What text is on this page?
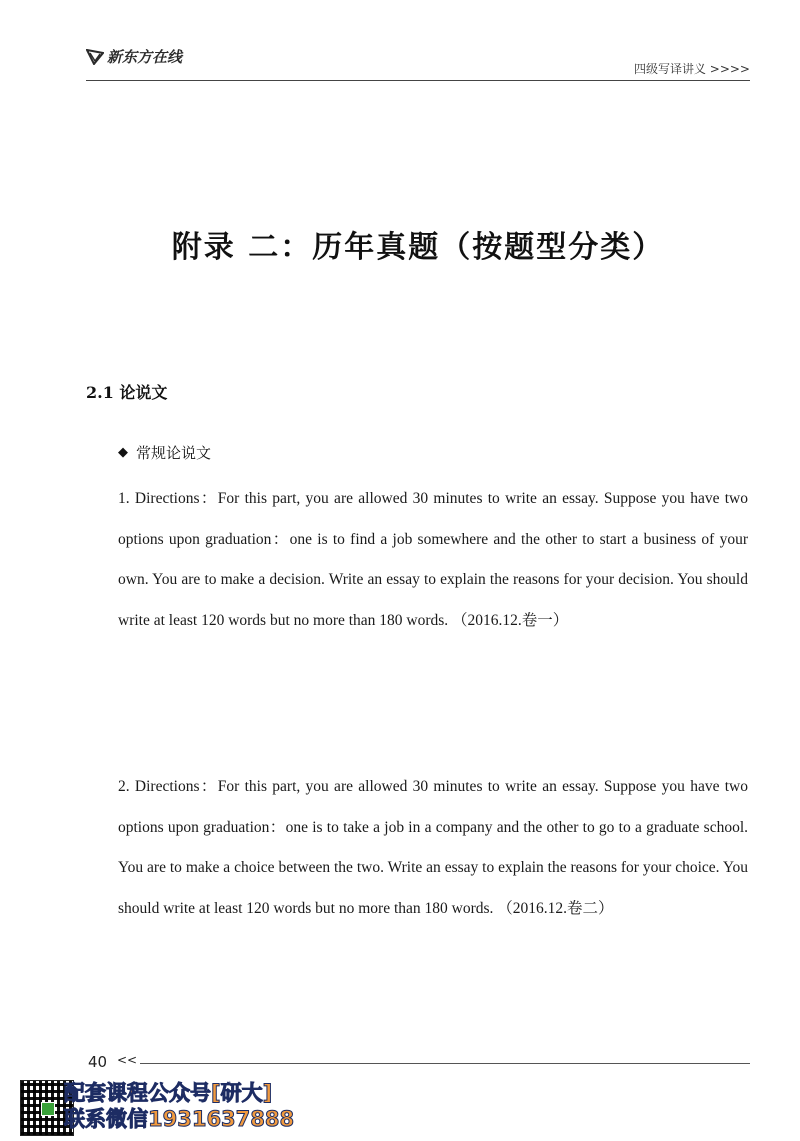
新东方在线
四级写译讲义 >>>>
附录 二：历年真题（按题型分类）
2.1 论说文
◆ 常规论说文
1. Directions：For this part, you are allowed 30 minutes to write an essay. Suppose you have two options upon graduation：one is to find a job somewhere and the other to start a business of your own. You are to make a decision. Write an essay to explain the reasons for your decision. You should write at least 120 words but no more than 180 words. （2016.12.卷一）
2. Directions：For this part, you are allowed 30 minutes to write an essay. Suppose you have two options upon graduation：one is to take a job in a company and the other to go to a graduate school. You are to make a choice between the two. Write an essay to explain the reasons for your choice. You should write at least 120 words but no more than 180 words. （2016.12.卷二）
40 <<
配套课程公众号[研大]
联系微信1931637888
